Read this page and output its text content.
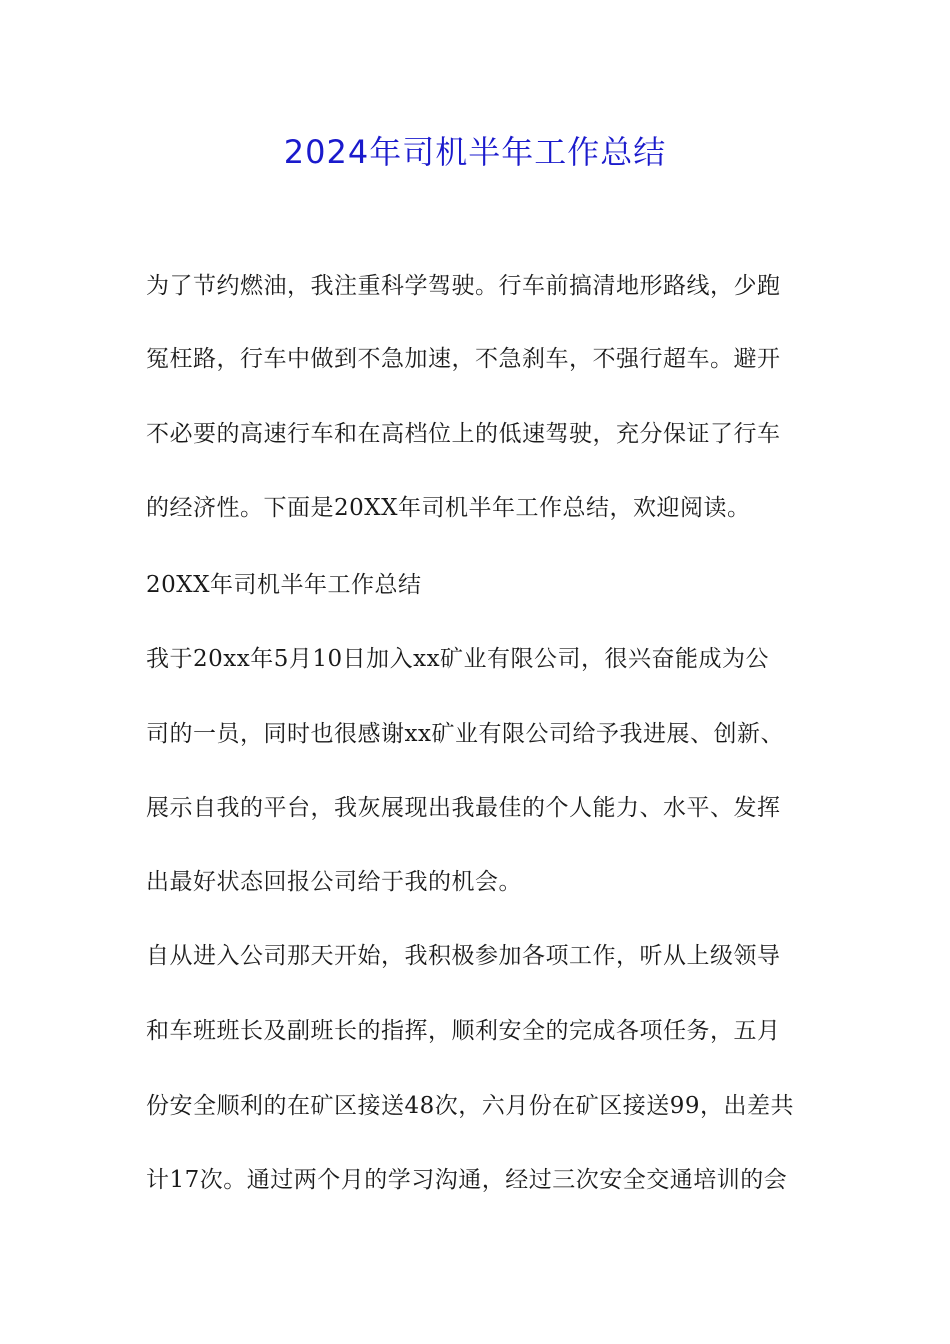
2024年司机半年工作总结
为了节约燃油，我注重科学驾驶。行车前搞清地形路线，少跑
冤枉路，行车中做到不急加速，不急刹车，不强行超车。避开
不必要的高速行车和在高档位上的低速驾驶，充分保证了行车
的经济性。下面是20XX年司机半年工作总结，欢迎阅读。
20XX年司机半年工作总结
我于20xx年5月10日加入xx矿业有限公司，很兴奋能成为公
司的一员，同时也很感谢xx矿业有限公司给予我进展、创新、
展示自我的平台，我灰展现出我最佳的个人能力、水平、发挥
出最好状态回报公司给于我的机会。
自从进入公司那天开始，我积极参加各项工作，听从上级领导
和车班班长及副班长的指挥，顺利安全的完成各项任务，五月
份安全顺利的在矿区接送48次，六月份在矿区接送99，出差共
计17次。通过两个月的学习沟通，经过三次安全交通培训的会
